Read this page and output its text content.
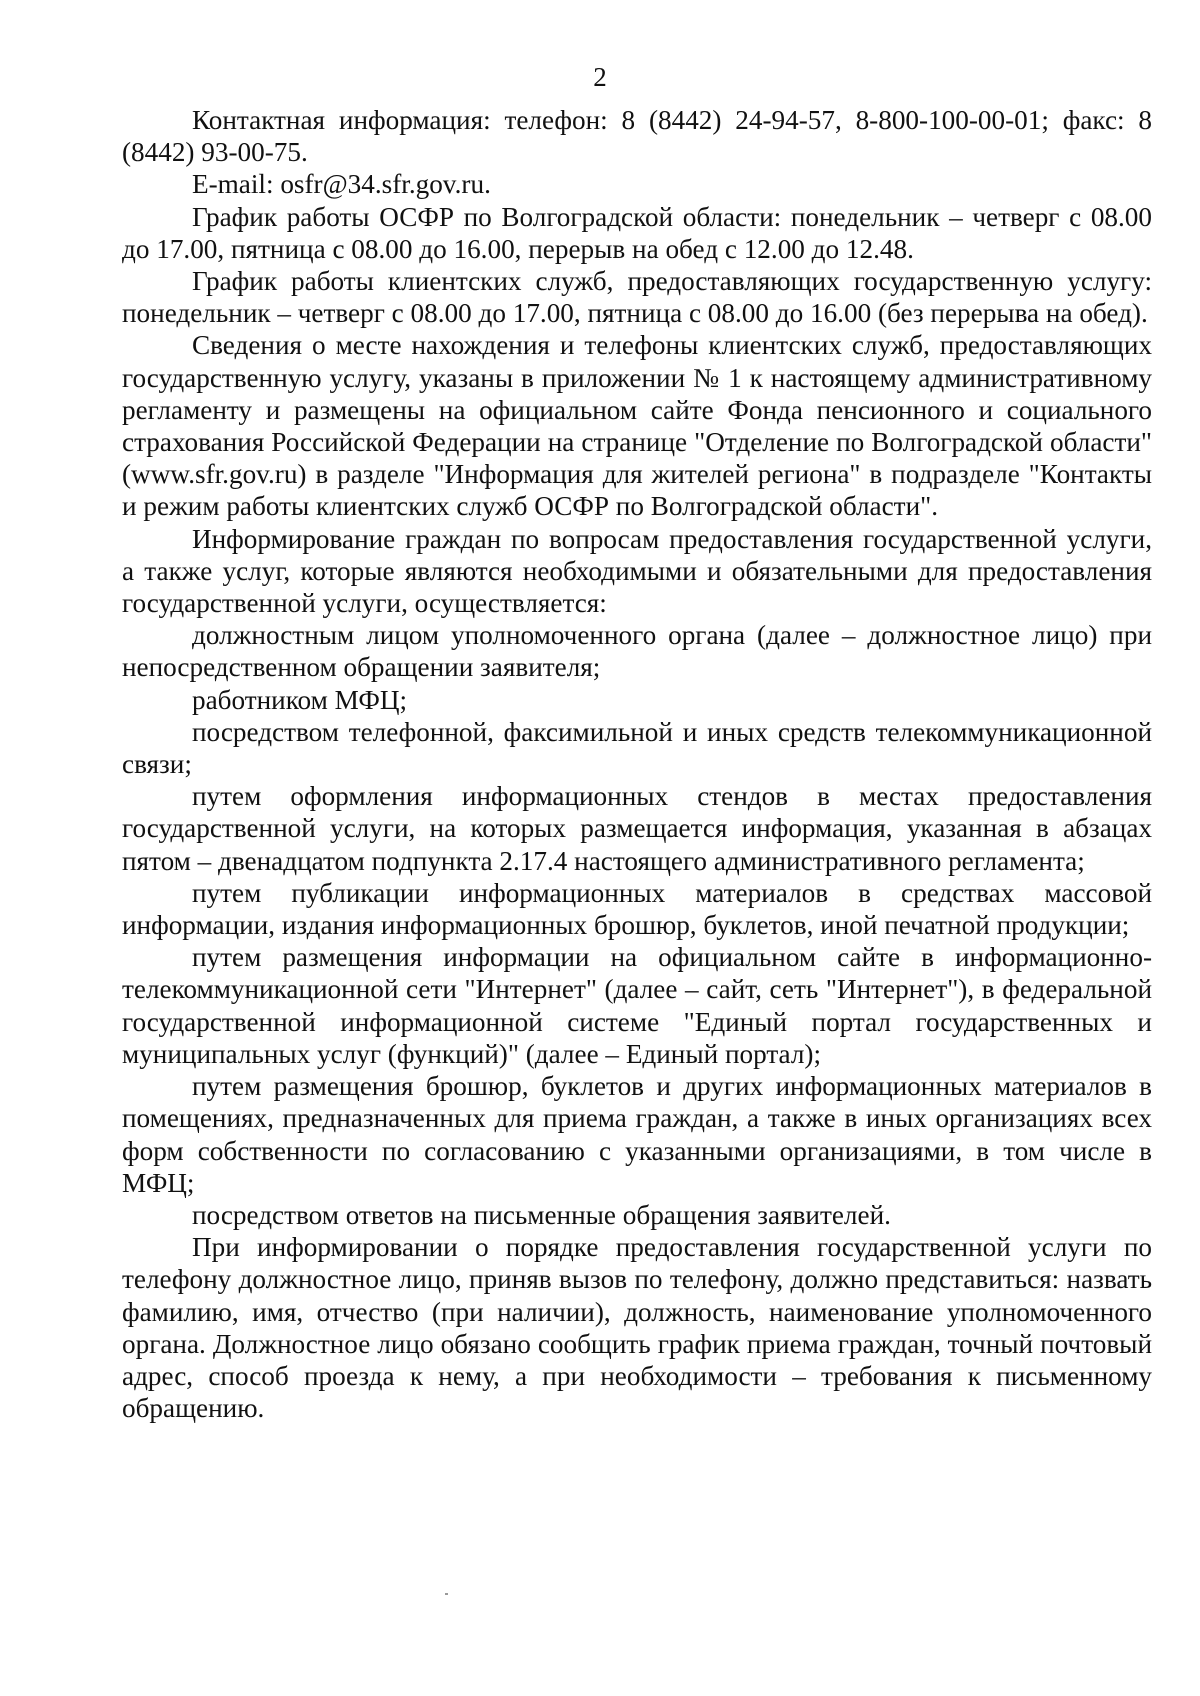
2

Контактная информация: телефон: 8 (8442) 24-94-57, 8-800-100-00-01; факс: 8 (8442) 93-00-75.

E-mail: osfr@34.sfr.gov.ru.

График работы ОСФР по Волгоградской области: понедельник – четверг с 08.00 до 17.00, пятница с 08.00 до 16.00, перерыв на обед с 12.00 до 12.48.

График работы клиентских служб, предоставляющих государственную услугу: понедельник – четверг с 08.00 до 17.00, пятница с 08.00 до 16.00 (без перерыва на обед).

Сведения о месте нахождения и телефоны клиентских служб, предоставляющих государственную услугу, указаны в приложении № 1 к настоящему административному регламенту и размещены на официальном сайте Фонда пенсионного и социального страхования Российской Федерации на странице "Отделение по Волгоградской области" (www.sfr.gov.ru) в разделе "Информация для жителей региона" в подразделе "Контакты и режим работы клиентских служб ОСФР по Волгоградской области".

Информирование граждан по вопросам предоставления государственной услуги, а также услуг, которые являются необходимыми и обязательными для предоставления государственной услуги, осуществляется:

должностным лицом уполномоченного органа (далее – должностное лицо) при непосредственном обращении заявителя;

работником МФЦ;

посредством телефонной, факсимильной и иных средств телекоммуникационной связи;

путем оформления информационных стендов в местах предоставления государственной услуги, на которых размещается информация, указанная в абзацах пятом – двенадцатом подпункта 2.17.4 настоящего административного регламента;

путем публикации информационных материалов в средствах массовой информации, издания информационных брошюр, буклетов, иной печатной продукции;

путем размещения информации на официальном сайте в информационно-телекоммуникационной сети "Интернет" (далее – сайт, сеть "Интернет"), в федеральной государственной информационной системе "Единый портал государственных и муниципальных услуг (функций)" (далее – Единый портал);

путем размещения брошюр, буклетов и других информационных материалов в помещениях, предназначенных для приема граждан, а также в иных организациях всех форм собственности по согласованию с указанными организациями, в том числе в МФЦ;

посредством ответов на письменные обращения заявителей.

При информировании о порядке предоставления государственной услуги по телефону должностное лицо, приняв вызов по телефону, должно представиться: назвать фамилию, имя, отчество (при наличии), должность, наименование уполномоченного органа. Должностное лицо обязано сообщить график приема граждан, точный почтовый адрес, способ проезда к нему, а при необходимости – требования к письменному обращению.
